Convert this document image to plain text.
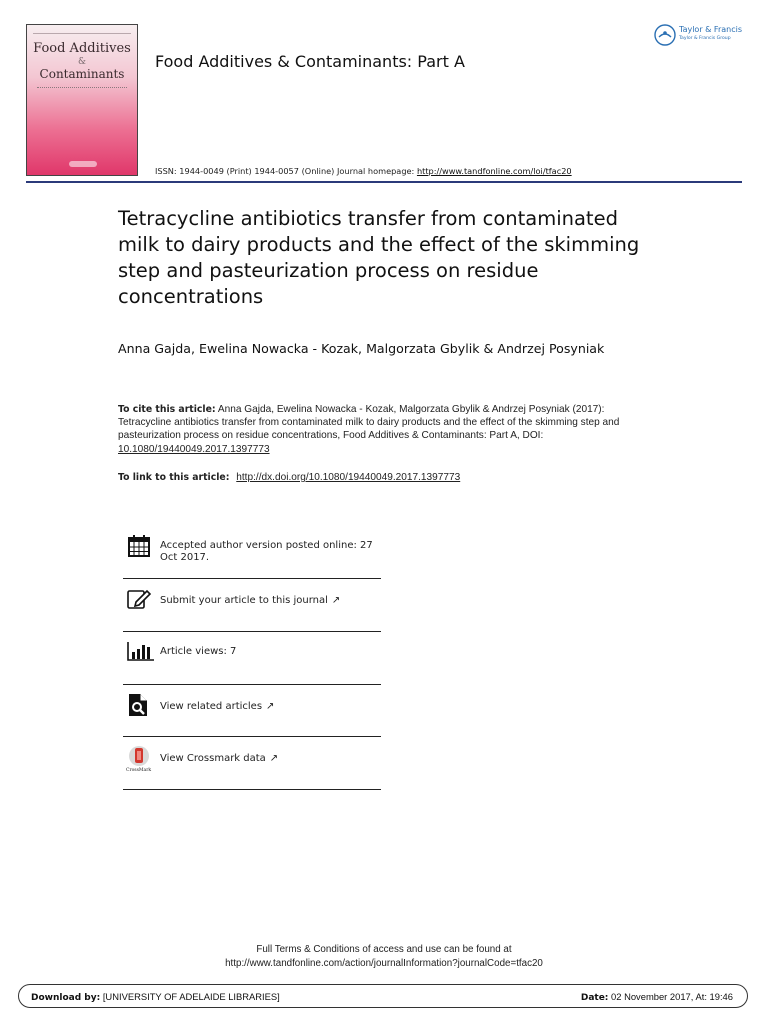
Food Additives
&
Contaminants
Food Additives & Contaminants: Part A
ISSN: 1944-0049 (Print) 1944-0057 (Online) Journal homepage: http://www.tandfonline.com/loi/tfac20
Taylor & Francis
Taylor & Francis Group
Tetracycline antibiotics transfer from contaminated milk to dairy products and the effect of the skimming step and pasteurization process on residue concentrations
Anna Gajda, Ewelina Nowacka - Kozak, Malgorzata Gbylik & Andrzej Posyniak
To cite this article: Anna Gajda, Ewelina Nowacka - Kozak, Malgorzata Gbylik & Andrzej Posyniak (2017): Tetracycline antibiotics transfer from contaminated milk to dairy products and the effect of the skimming step and pasteurization process on residue concentrations, Food Additives & Contaminants: Part A, DOI: 10.1080/19440049.2017.1397773
To link to this article: http://dx.doi.org/10.1080/19440049.2017.1397773
Accepted author version posted online: 27 Oct 2017.
Submit your article to this journal ↗
Article views: 7
View related articles ↗
CrossMark
View Crossmark data ↗
Full Terms & Conditions of access and use can be found at
http://www.tandfonline.com/action/journalInformation?journalCode=tfac20
Download by: [UNIVERSITY OF ADELAIDE LIBRARIES]	Date: 02 November 2017, At: 19:46
